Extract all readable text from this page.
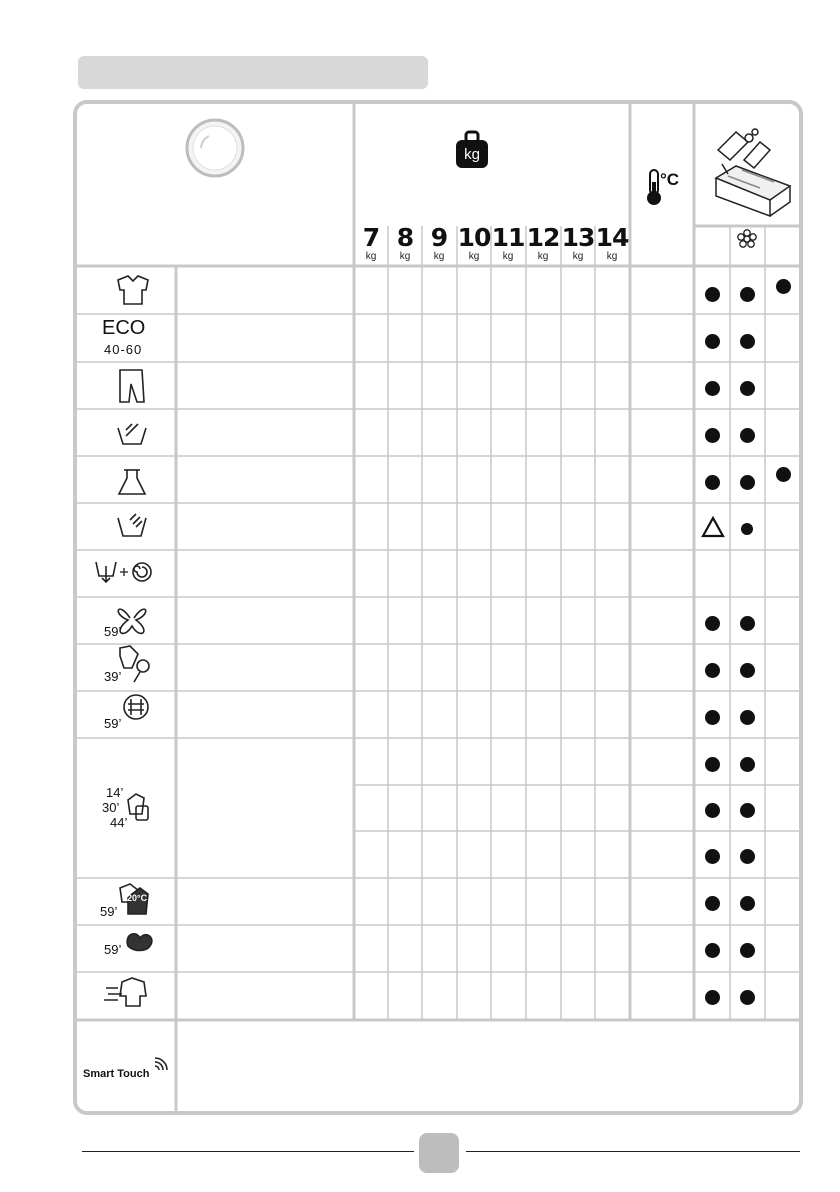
kg
°C
7
kg
8
kg
9
kg
10
kg
11
kg
12
kg
13
kg
14
kg
ECO
40-60
59’
39’
59’
14’
30’
44’
59’
20°C
59’
Smart Touch
